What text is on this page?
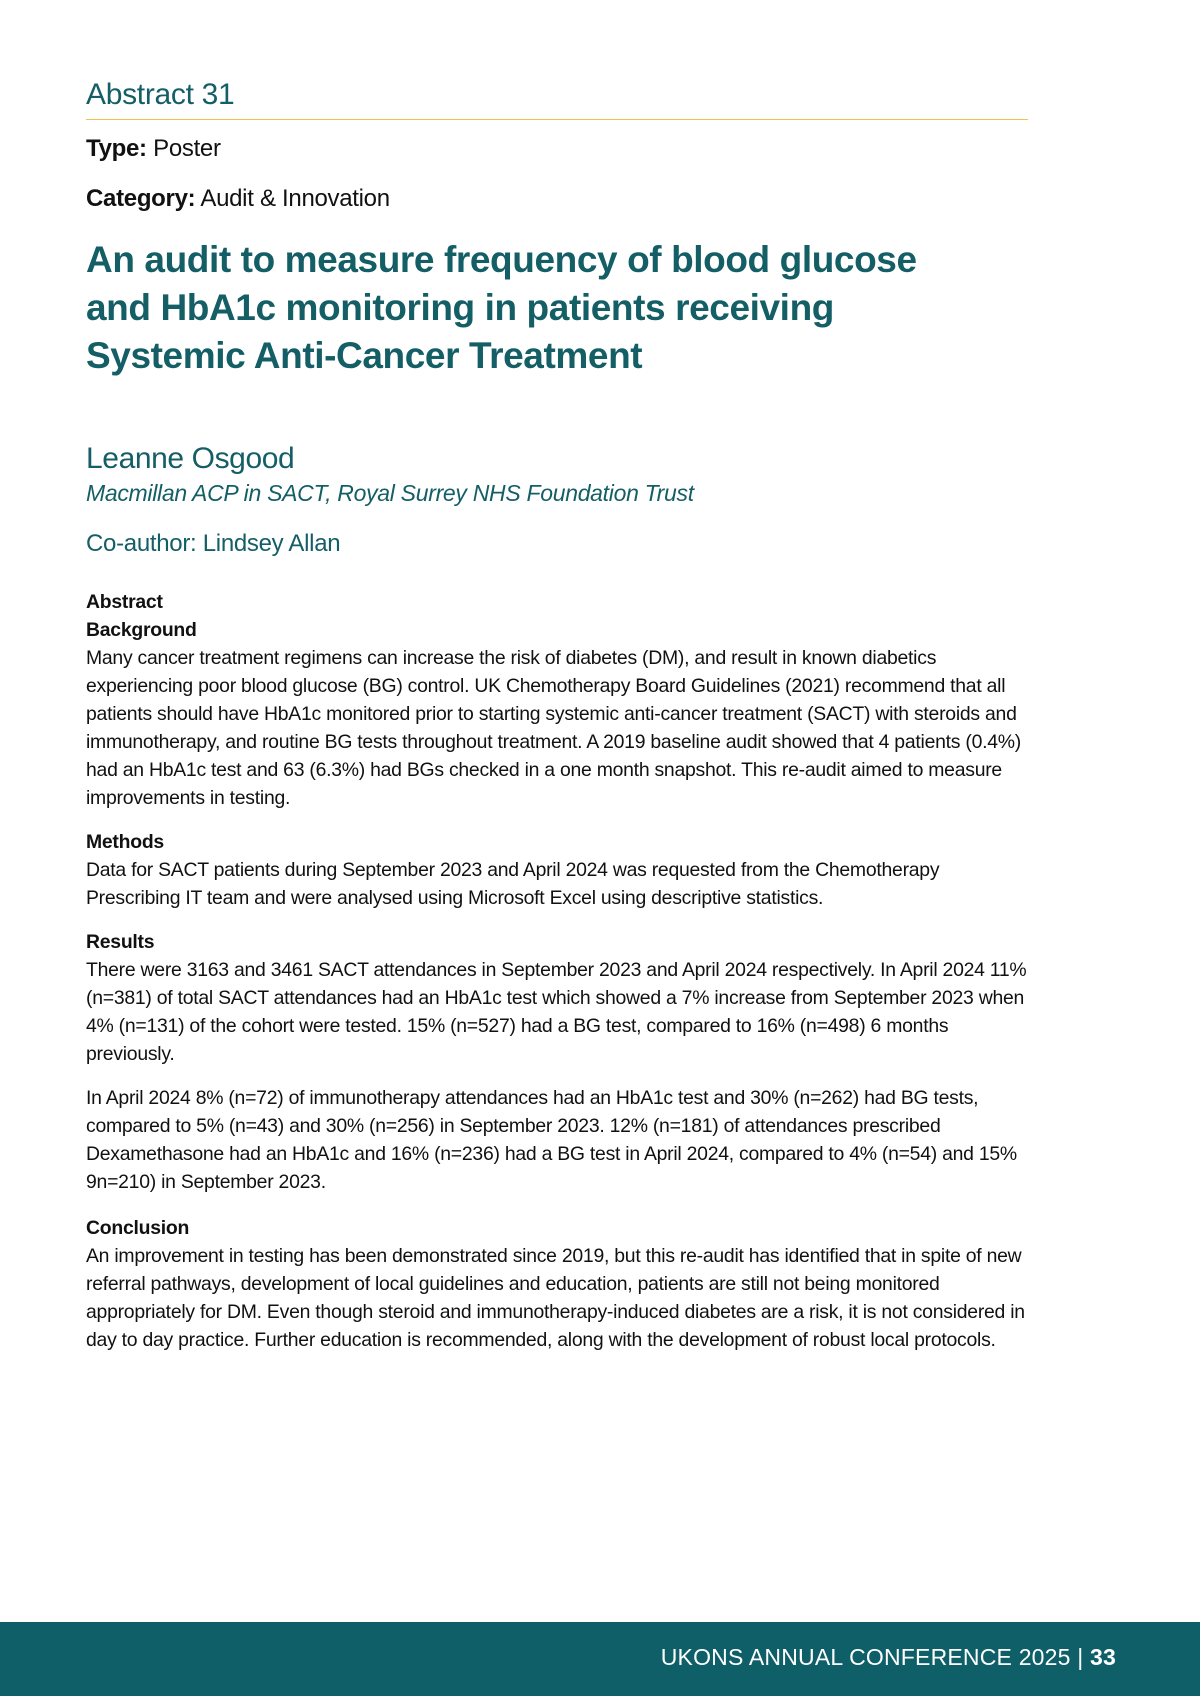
Abstract 31
Type: Poster
Category: Audit & Innovation
An audit to measure frequency of blood glucose and HbA1c monitoring in patients receiving Systemic Anti-Cancer Treatment
Leanne Osgood
Macmillan ACP in SACT, Royal Surrey NHS Foundation Trust
Co-author: Lindsey Allan
Abstract
Background

Many cancer treatment regimens can increase the risk of diabetes (DM), and result in known diabetics experiencing poor blood glucose (BG) control. UK Chemotherapy Board Guidelines (2021) recommend that all patients should have HbA1c monitored prior to starting systemic anti-cancer treatment (SACT) with steroids and immunotherapy, and routine BG tests throughout treatment. A 2019 baseline audit showed that 4 patients (0.4%) had an HbA1c test and 63 (6.3%) had BGs checked in a one month snapshot. This re-audit aimed to measure improvements in testing.

Methods

Data for SACT patients during September 2023 and April 2024 was requested from the Chemotherapy Prescribing IT team and were analysed using Microsoft Excel using descriptive statistics.

Results

There were 3163 and 3461 SACT attendances in September 2023 and April 2024 respectively. In April 2024 11% (n=381) of total SACT attendances had an HbA1c test which showed a 7% increase from September 2023 when 4% (n=131) of the cohort were tested. 15% (n=527) had a BG test, compared to 16% (n=498) 6 months previously.

In April 2024 8% (n=72) of immunotherapy attendances had an HbA1c test and 30% (n=262) had BG tests, compared to 5% (n=43) and 30% (n=256) in September 2023. 12% (n=181) of attendances prescribed Dexamethasone had an HbA1c and 16% (n=236) had a BG test in April 2024, compared to 4% (n=54) and 15% 9n=210) in September 2023.

Conclusion

An improvement in testing has been demonstrated since 2019, but this re-audit has identified that in spite of new referral pathways, development of local guidelines and education, patients are still not being monitored appropriately for DM. Even though steroid and immunotherapy-induced diabetes are a risk, it is not considered in day to day practice. Further education is recommended, along with the development of robust local protocols.

UKONS ANNUAL CONFERENCE 2025 | 33
